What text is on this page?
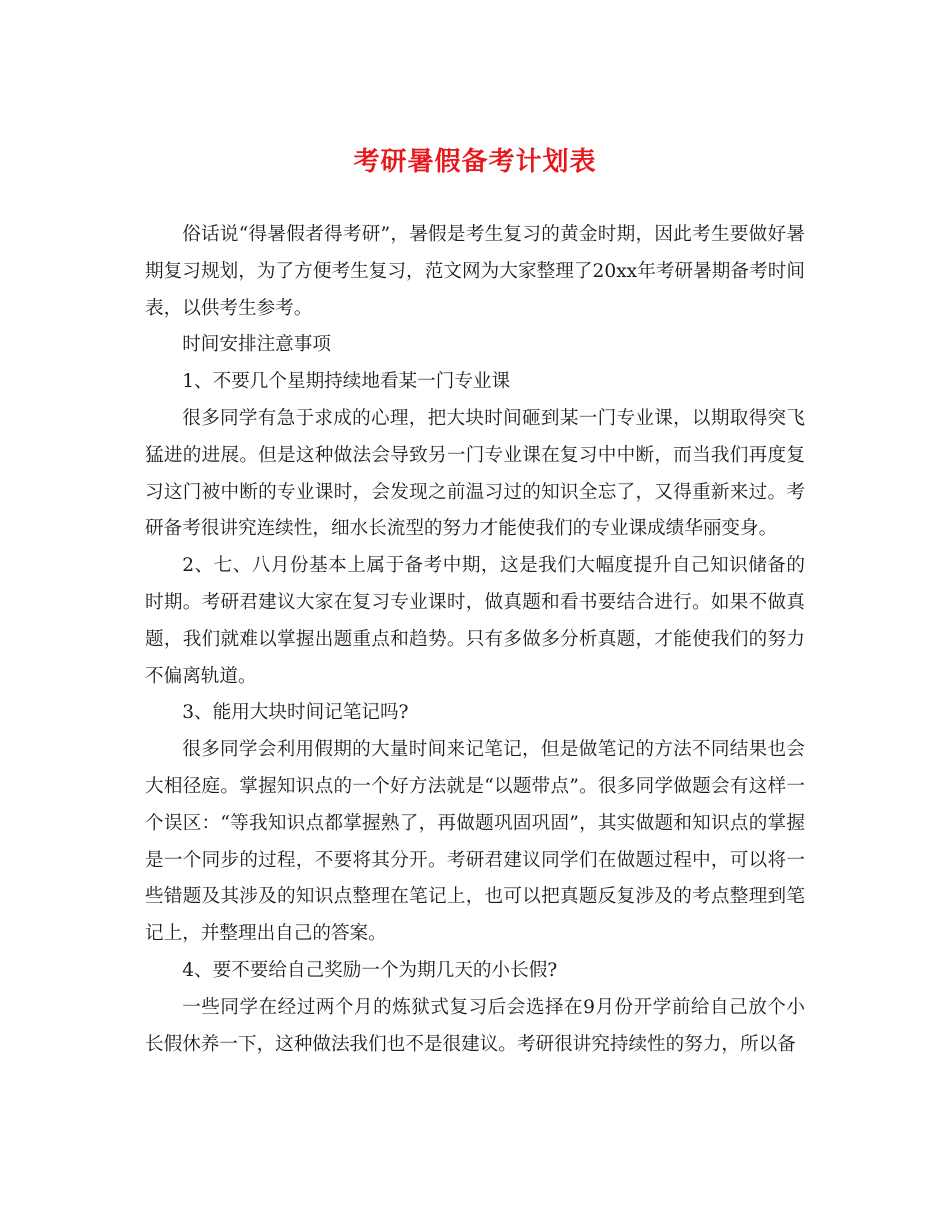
考研暑假备考计划表

俗话说“得暑假者得考研”，暑假是考生复习的黄金时期，因此考生要做好暑期复习规划，为了方便考生复习，范文网为大家整理了20xx年考研暑期备考时间表，以供考生参考。

时间安排注意事项

1、不要几个星期持续地看某一门专业课

很多同学有急于求成的心理，把大块时间砸到某一门专业课，以期取得突飞猛进的进展。但是这种做法会导致另一门专业课在复习中中断，而当我们再度复习这门被中断的专业课时，会发现之前温习过的知识全忘了，又得重新来过。考研备考很讲究连续性，细水长流型的努力才能使我们的专业课成绩华丽变身。

2、七、八月份基本上属于备考中期，这是我们大幅度提升自己知识储备的时期。考研君建议大家在复习专业课时，做真题和看书要结合进行。如果不做真题，我们就难以掌握出题重点和趋势。只有多做多分析真题，才能使我们的努力不偏离轨道。

3、能用大块时间记笔记吗?

很多同学会利用假期的大量时间来记笔记，但是做笔记的方法不同结果也会大相径庭。掌握知识点的一个好方法就是“以题带点”。很多同学做题会有这样一个误区：“等我知识点都掌握熟了，再做题巩固巩固”，其实做题和知识点的掌握是一个同步的过程，不要将其分开。考研君建议同学们在做题过程中，可以将一些错题及其涉及的知识点整理在笔记上，也可以把真题反复涉及的考点整理到笔记上，并整理出自己的答案。

4、要不要给自己奖励一个为期几天的小长假?

一些同学在经过两个月的炼狱式复习后会选择在9月份开学前给自己放个小长假休养一下，这种做法我们也不是很建议。考研很讲究持续性的努力，所以备
